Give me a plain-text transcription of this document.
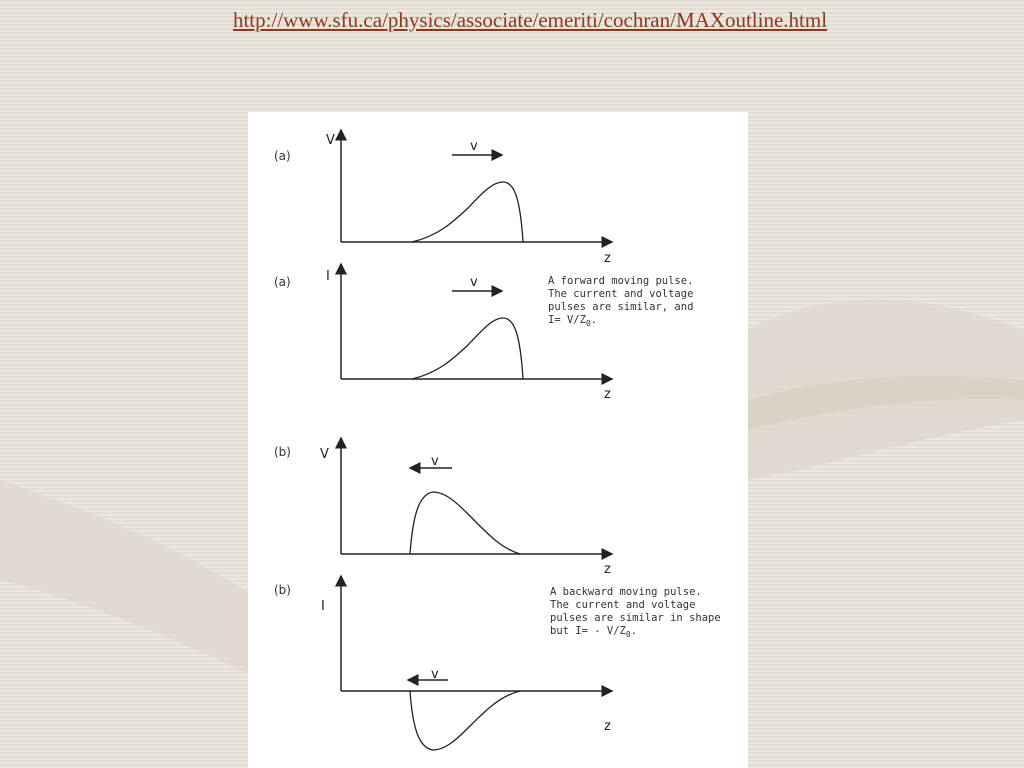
http://www.sfu.ca/physics/associate/emeriti/cochran/MAXoutline.html
(a)
V
z
v
(a)	I
z
v	A forward moving pulse.
The current and voltage
pulses are similar, and
$I= V/Z_0$.
(b) V
z
v
(b)
I
z
v
A backward moving pulse.
The current and voltage
pulses are similar in shape
but $I= - V/Z_0$.
